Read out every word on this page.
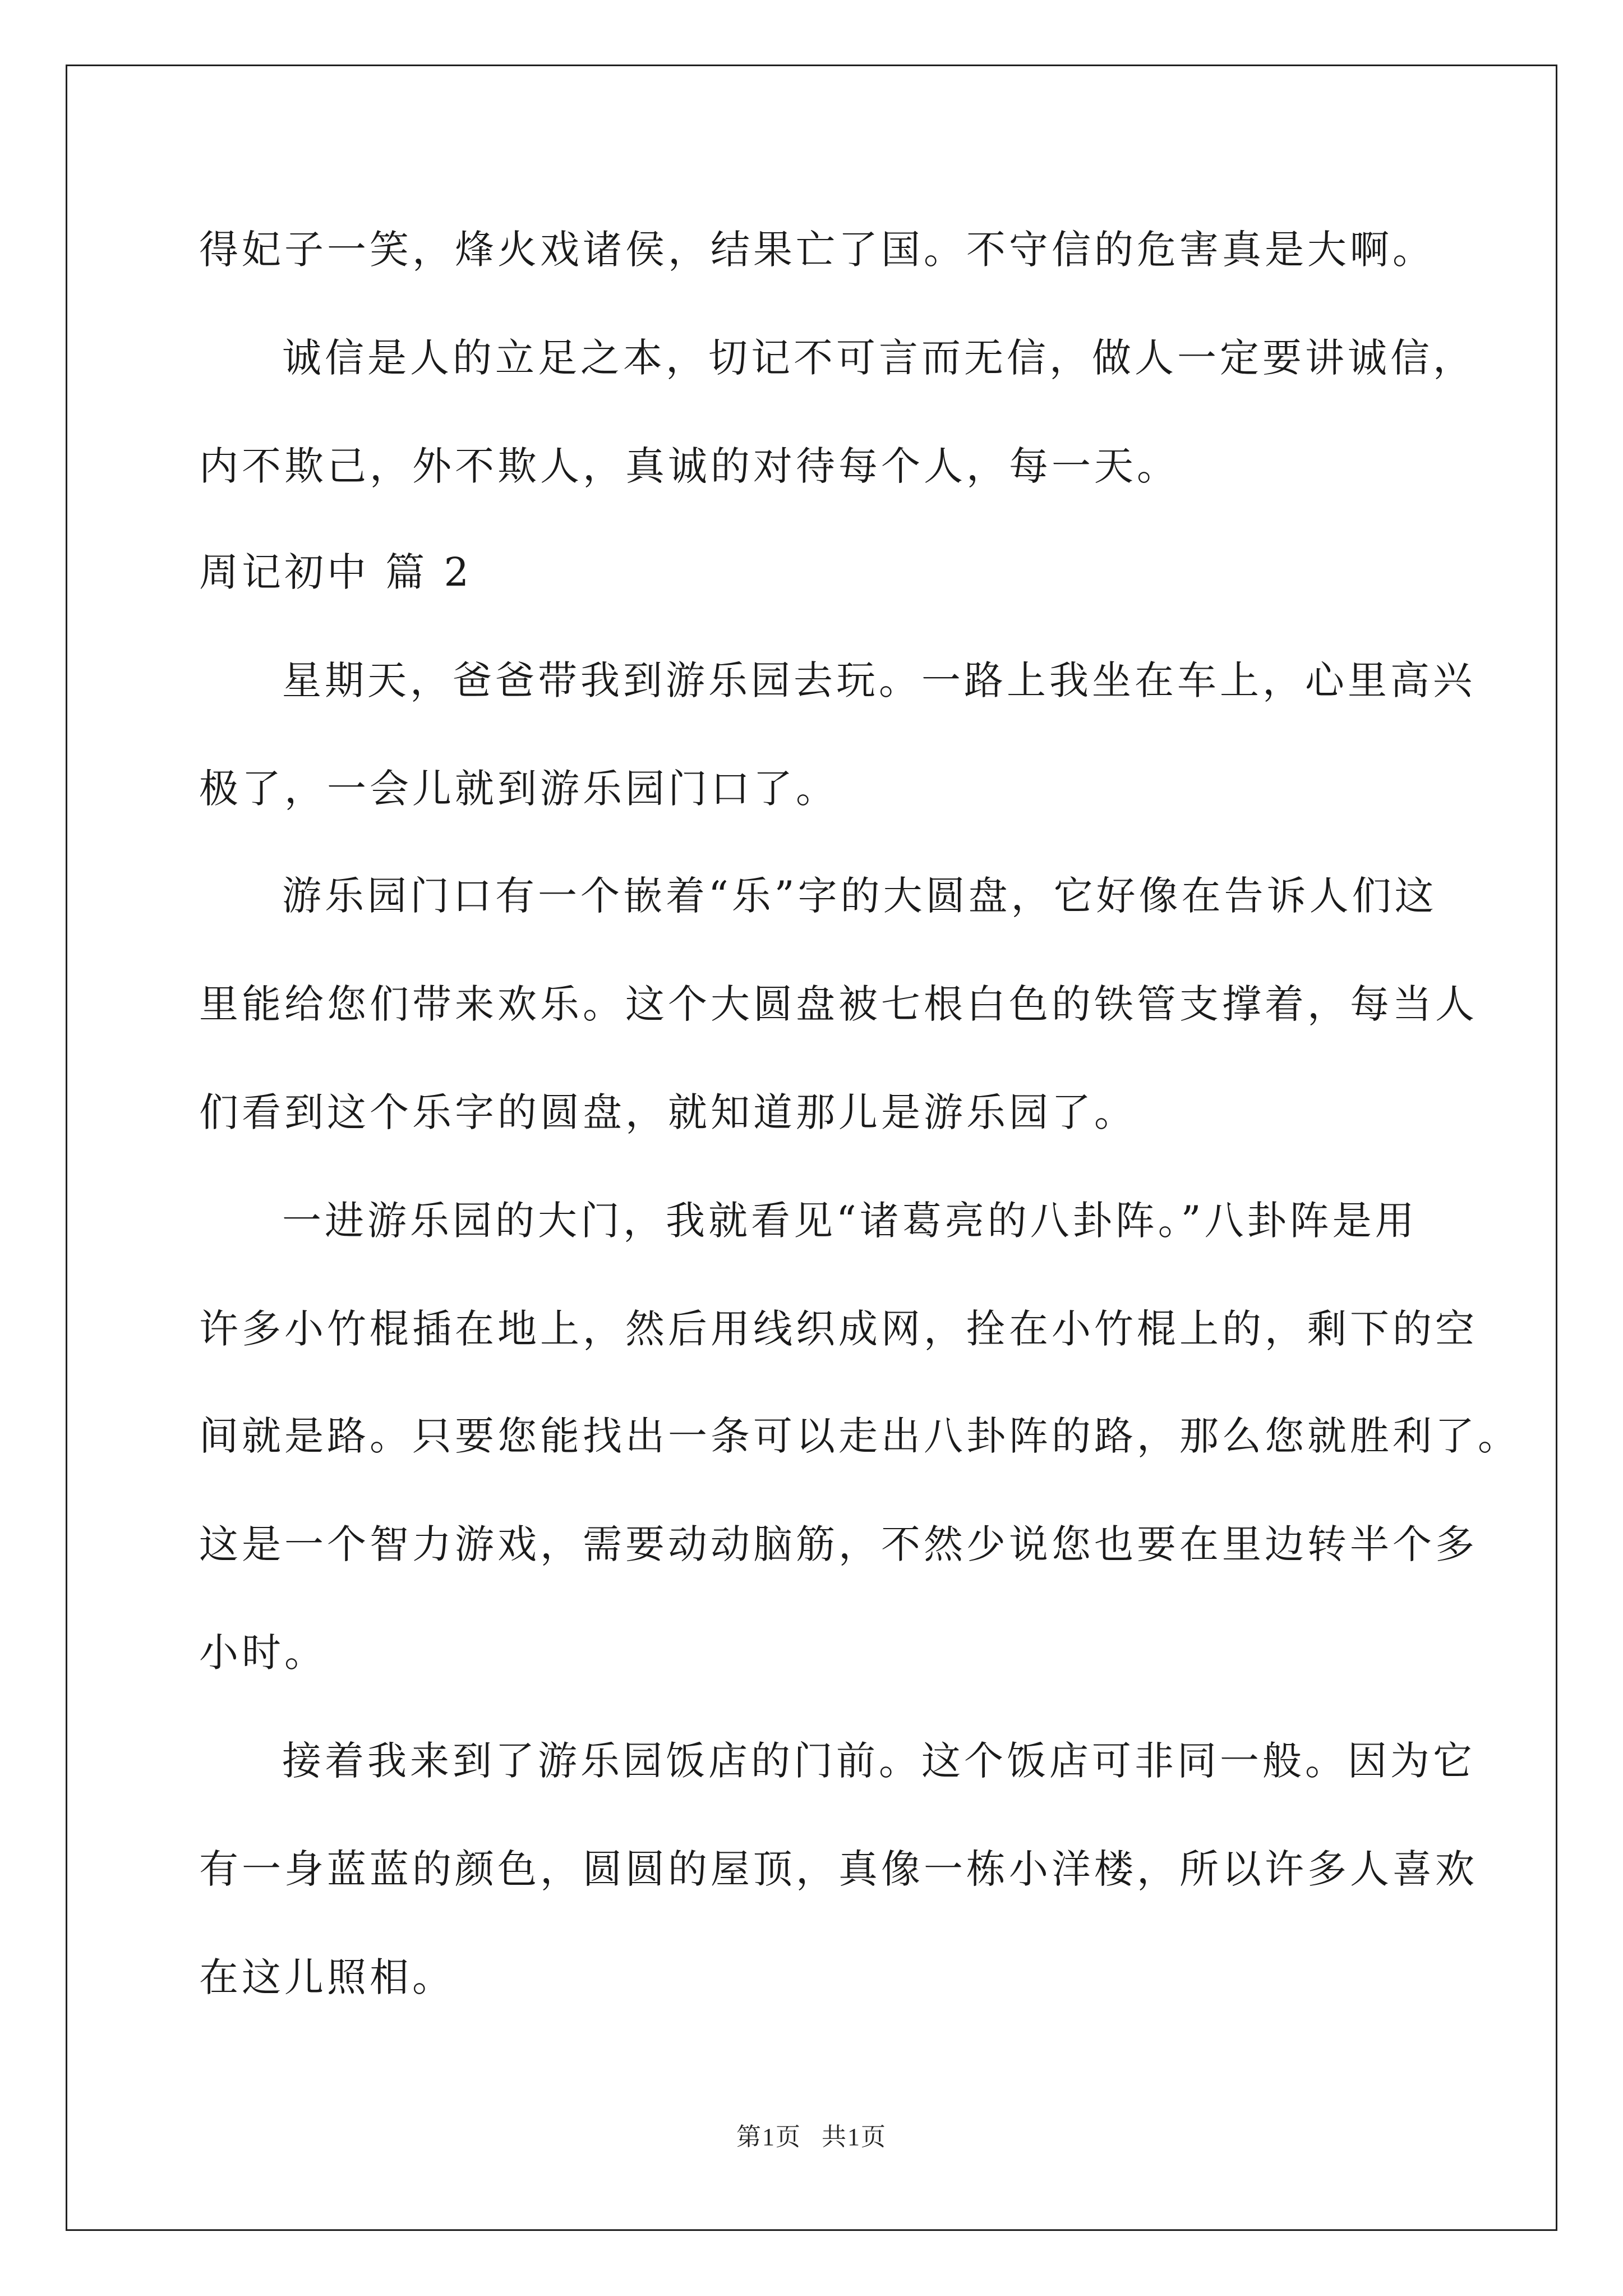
得妃子一笑，烽火戏诸侯，结果亡了国。不守信的危害真是大啊。
诚信是人的立足之本，切记不可言而无信，做人一定要讲诚信，
内不欺己，外不欺人，真诚的对待每个人，每一天。
周记初中 篇 2
星期天，爸爸带我到游乐园去玩。一路上我坐在车上，心里高兴
极了，一会儿就到游乐园门口了。
游乐园门口有一个嵌着“乐”字的大圆盘，它好像在告诉人们这
里能给您们带来欢乐。这个大圆盘被七根白色的铁管支撑着，每当人
们看到这个乐字的圆盘，就知道那儿是游乐园了。
一进游乐园的大门，我就看见“诸葛亮的八卦阵。”八卦阵是用
许多小竹棍插在地上，然后用线织成网，拴在小竹棍上的，剩下的空
间就是路。只要您能找出一条可以走出八卦阵的路，那么您就胜利了。
这是一个智力游戏，需要动动脑筋，不然少说您也要在里边转半个多
小时。
接着我来到了游乐园饭店的门前。这个饭店可非同一般。因为它
有一身蓝蓝的颜色，圆圆的屋顶，真像一栋小洋楼，所以许多人喜欢
在这儿照相。
第1页 共1页
